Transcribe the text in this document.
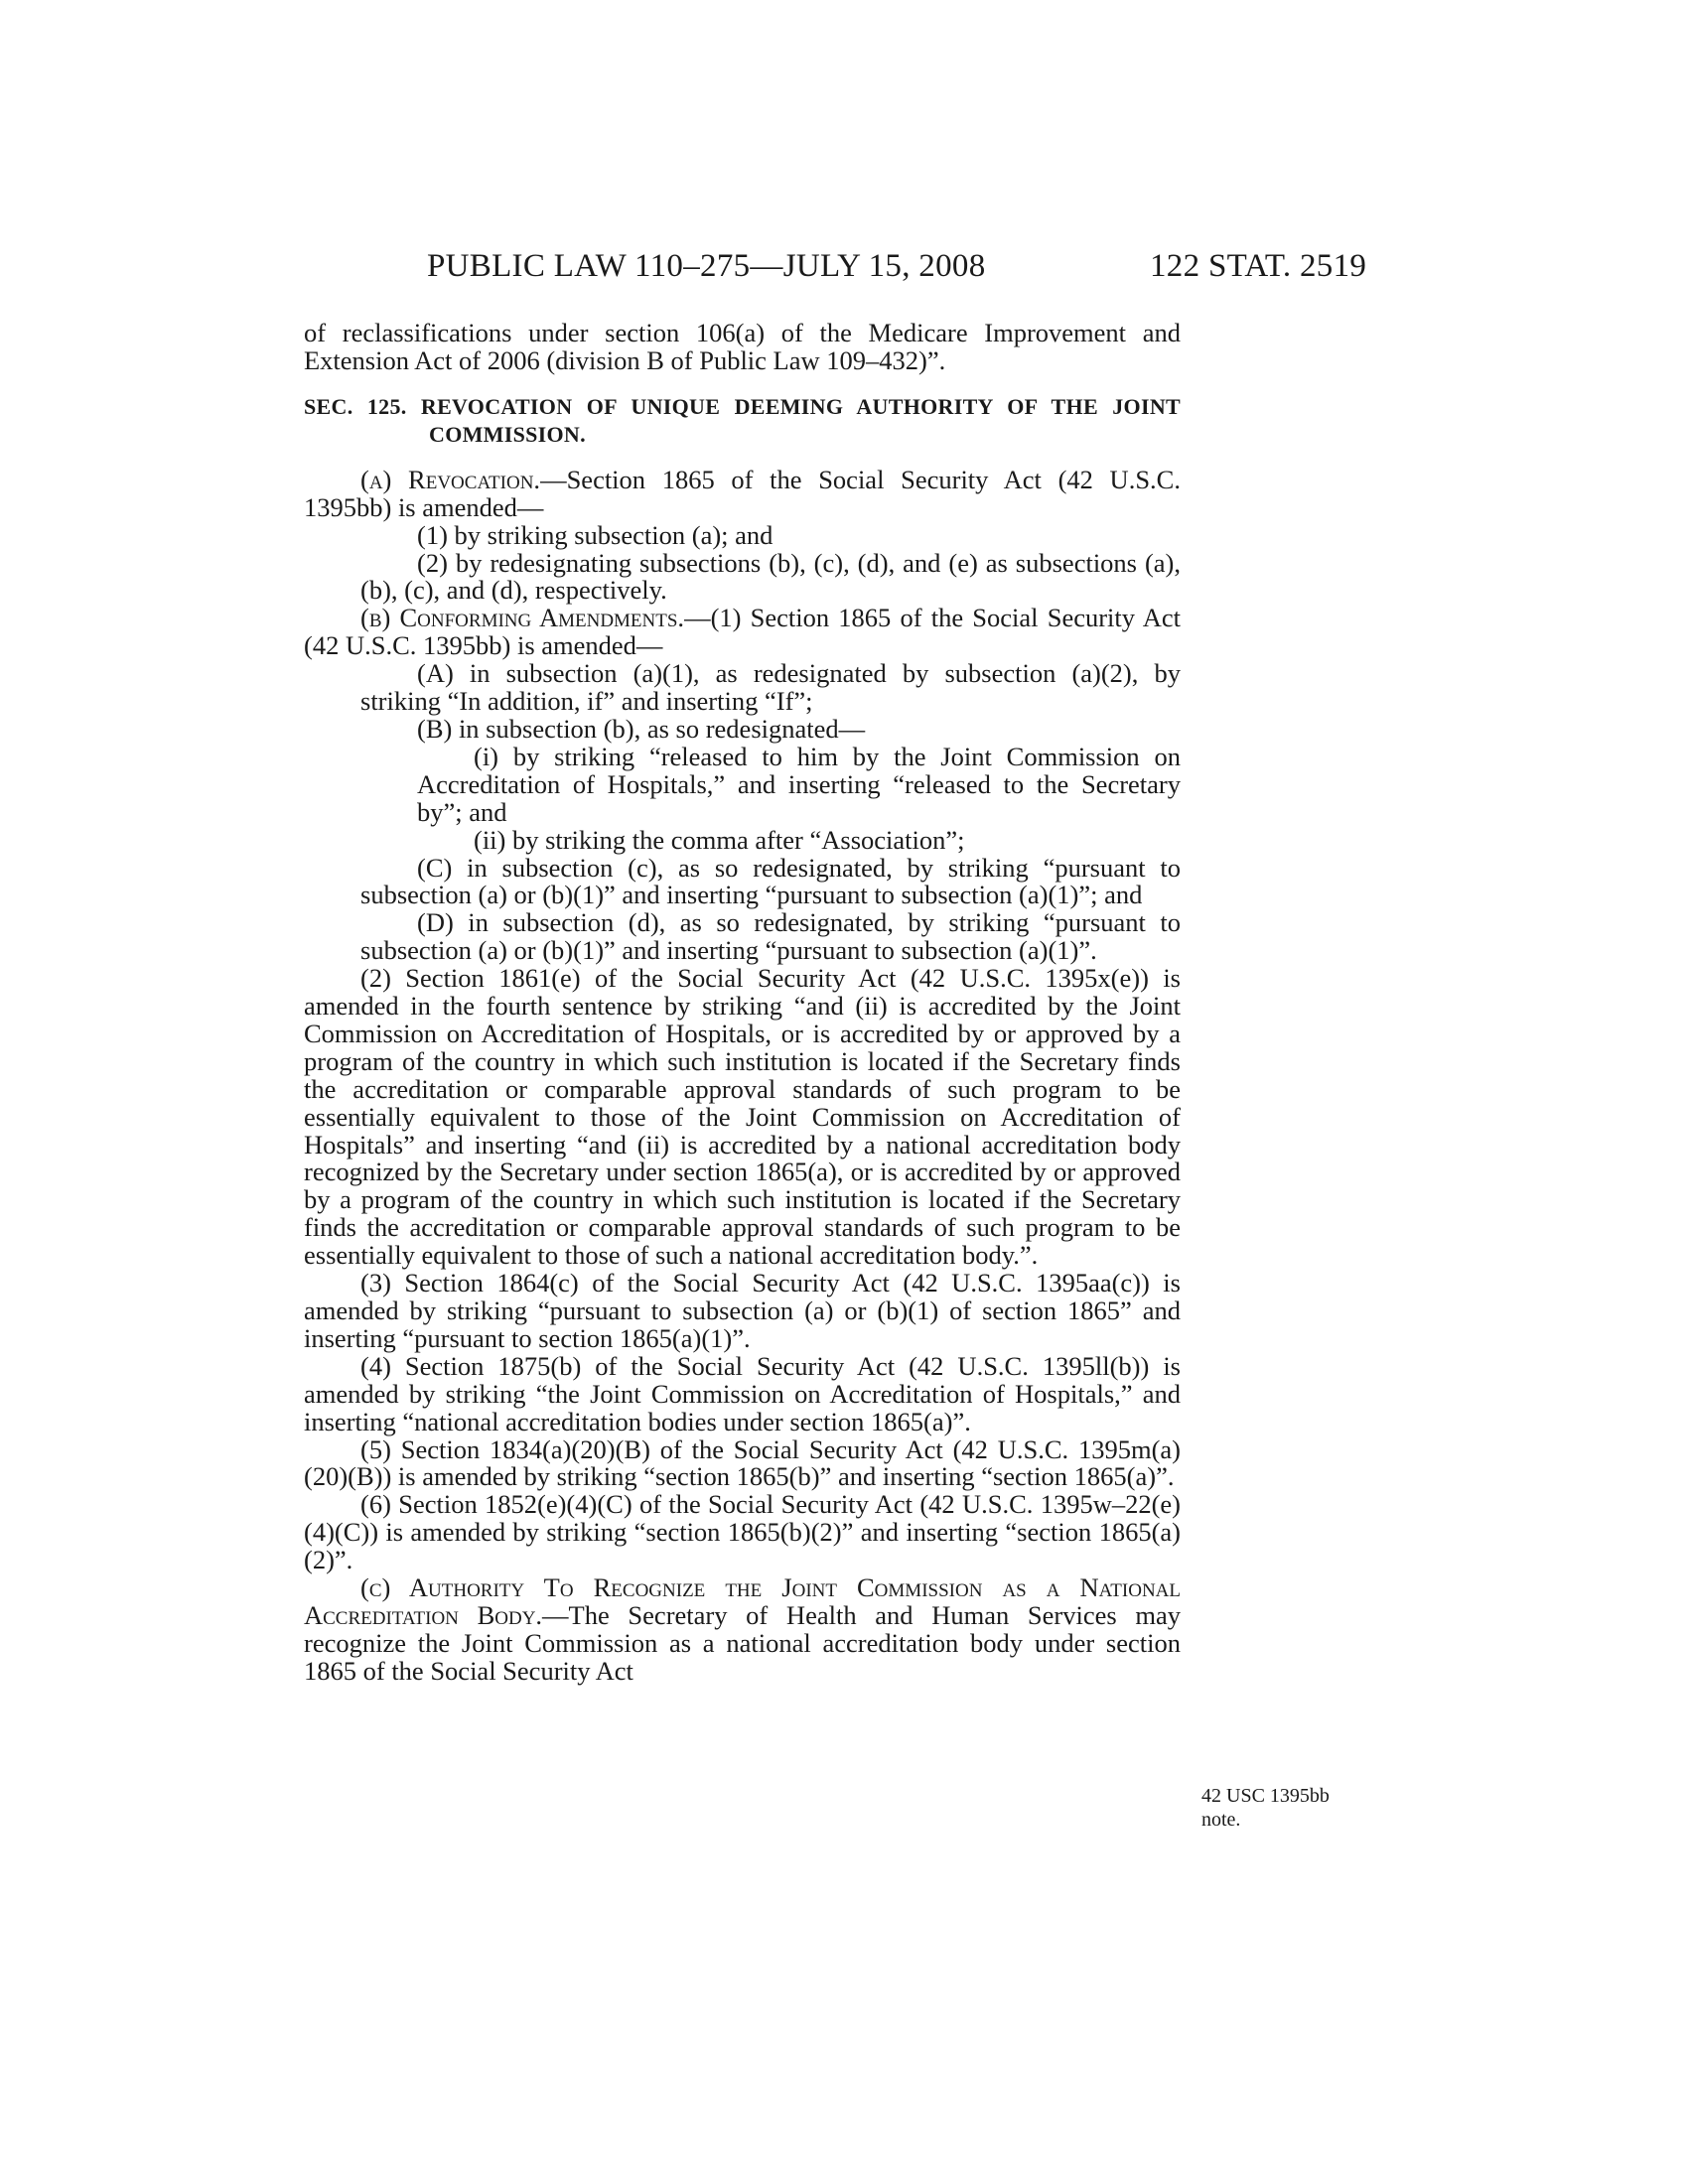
PUBLIC LAW 110–275—JULY 15, 2008	122 STAT. 2519

of reclassifications under section 106(a) of the Medicare Improvement and Extension Act of 2006 (division B of Public Law 109–432)”.

SEC. 125. REVOCATION OF UNIQUE DEEMING AUTHORITY OF THE JOINT COMMISSION.

(a) Revocation.—Section 1865 of the Social Security Act (42 U.S.C. 1395bb) is amended—

(1) by striking subsection (a); and

(2) by redesignating subsections (b), (c), (d), and (e) as subsections (a), (b), (c), and (d), respectively.

(b) Conforming Amendments.—(1) Section 1865 of the Social Security Act (42 U.S.C. 1395bb) is amended—

(A) in subsection (a)(1), as redesignated by subsection (a)(2), by striking “In addition, if” and inserting “If”;

(B) in subsection (b), as so redesignated—

(i) by striking “released to him by the Joint Commission on Accreditation of Hospitals,” and inserting “released to the Secretary by”; and

(ii) by striking the comma after “Association”;

(C) in subsection (c), as so redesignated, by striking “pursuant to subsection (a) or (b)(1)” and inserting “pursuant to subsection (a)(1)”; and

(D) in subsection (d), as so redesignated, by striking “pursuant to subsection (a) or (b)(1)” and inserting “pursuant to subsection (a)(1)”.

(2) Section 1861(e) of the Social Security Act (42 U.S.C. 1395x(e)) is amended in the fourth sentence by striking “and (ii) is accredited by the Joint Commission on Accreditation of Hospitals, or is accredited by or approved by a program of the country in which such institution is located if the Secretary finds the accreditation or comparable approval standards of such program to be essentially equivalent to those of the Joint Commission on Accreditation of Hospitals” and inserting “and (ii) is accredited by a national accreditation body recognized by the Secretary under section 1865(a), or is accredited by or approved by a program of the country in which such institution is located if the Secretary finds the accreditation or comparable approval standards of such program to be essentially equivalent to those of such a national accreditation body.”.

(3) Section 1864(c) of the Social Security Act (42 U.S.C. 1395aa(c)) is amended by striking “pursuant to subsection (a) or (b)(1) of section 1865” and inserting “pursuant to section 1865(a)(1)”.

(4) Section 1875(b) of the Social Security Act (42 U.S.C. 1395ll(b)) is amended by striking “the Joint Commission on Accreditation of Hospitals,” and inserting “national accreditation bodies under section 1865(a)”.

(5) Section 1834(a)(20)(B) of the Social Security Act (42 U.S.C. 1395m(a)(20)(B)) is amended by striking “section 1865(b)” and inserting “section 1865(a)”.

(6) Section 1852(e)(4)(C) of the Social Security Act (42 U.S.C. 1395w–22(e)(4)(C)) is amended by striking “section 1865(b)(2)” and inserting “section 1865(a)(2)”.

(c) Authority To Recognize the Joint Commission as a National Accreditation Body.—The Secretary of Health and Human Services may recognize the Joint Commission as a national accreditation body under section 1865 of the Social Security Act

42 USC 1395bb
note.
